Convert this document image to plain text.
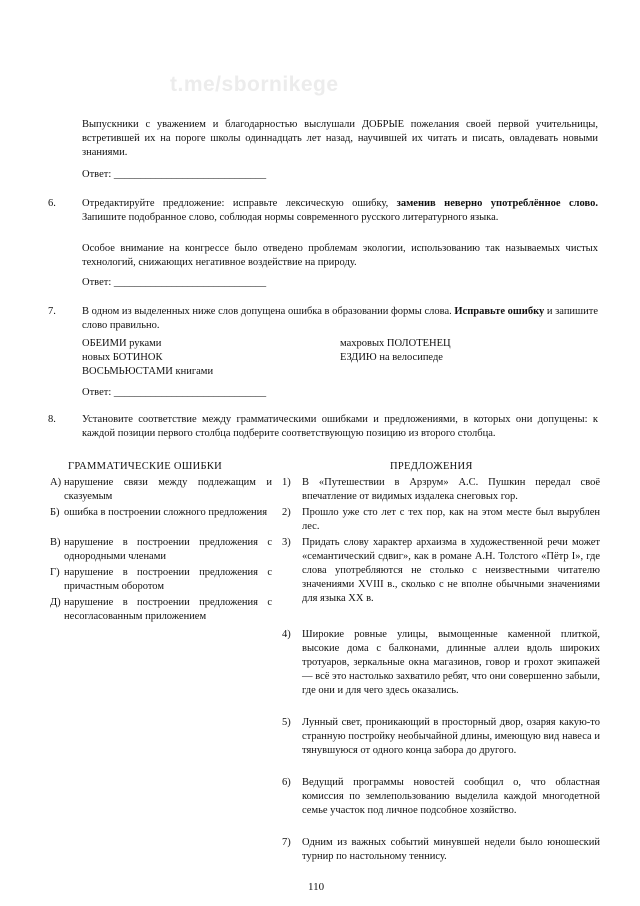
t.me/sbornikege
Выпускники с уважением и благодарностью выслушали ДОБРЫЕ пожелания своей первой учительницы, встретившей их на пороге школы одиннадцать лет назад, научившей их читать и писать, овладевать новыми знаниями.
Ответ: _____________________________
6. Отредактируйте предложение: исправьте лексическую ошибку, заменив неверно употреблённое слово. Запишите подобранное слово, соблюдая нормы современного русского литературного языка.
Особое внимание на конгрессе было отведено проблемам экологии, использованию так называемых чистых технологий, снижающих негативное воздействие на природу.
Ответ: _____________________________
7. В одном из выделенных ниже слов допущена ошибка в образовании формы слова. Исправьте ошибку и запишите слово правильно.
ОБЕИМИ руками
новых БОТИНОК
ВОСЬМЬЮСТАМИ книгами
махровых ПОЛОТЕНЕЦ
ЕЗДИЮ на велосипеде
Ответ: _____________________________
8. Установите соответствие между грамматическими ошибками и предложениями, в которых они допущены: к каждой позиции первого столбца подберите соответствующую позицию из второго столбца.
ГРАММАТИЧЕСКИЕ ОШИБКИ	ПРЕДЛОЖЕНИЯ
А) нарушение связи между подлежащим и сказуемым
Б) ошибка в построении сложного предложения
В) нарушение в построении предложения с однородными членами
Г) нарушение в построении предложения с причастным оборотом
Д) нарушение в построении предложения с несогласованным приложением
1) В «Путешествии в Арзрум» А.С. Пушкин передал своё впечатление от видимых издалека снеговых гор.
2) Прошло уже сто лет с тех пор, как на этом месте был вырублен лес.
3) Придать слову характер архаизма в художественной речи может «семантический сдвиг», как в романе А.Н. Толстого «Пётр I», где слова употребляются не столько с неизвестными читателю значениями XVIII в., сколько с не вполне обычными значениями для языка XX в.
4) Широкие ровные улицы, вымощенные каменной плиткой, высокие дома с балконами, длинные аллеи вдоль широких тротуаров, зеркальные окна магазинов, говор и грохот экипажей — всё это настолько захватило ребят, что они совершенно забыли, где они и для чего здесь оказались.
5) Лунный свет, проникающий в просторный двор, озаряя какую-то странную постройку необычайной длины, имеющую вид навеса и тянувшуюся от одного конца забора до другого.
6) Ведущий программы новостей сообщил о, что областная комиссия по землепользованию выделила каждой многодетной семье участок под личное подсобное хозяйство.
7) Одним из важных событий минувшей недели было юношеский турнир по настольному теннису.
110
